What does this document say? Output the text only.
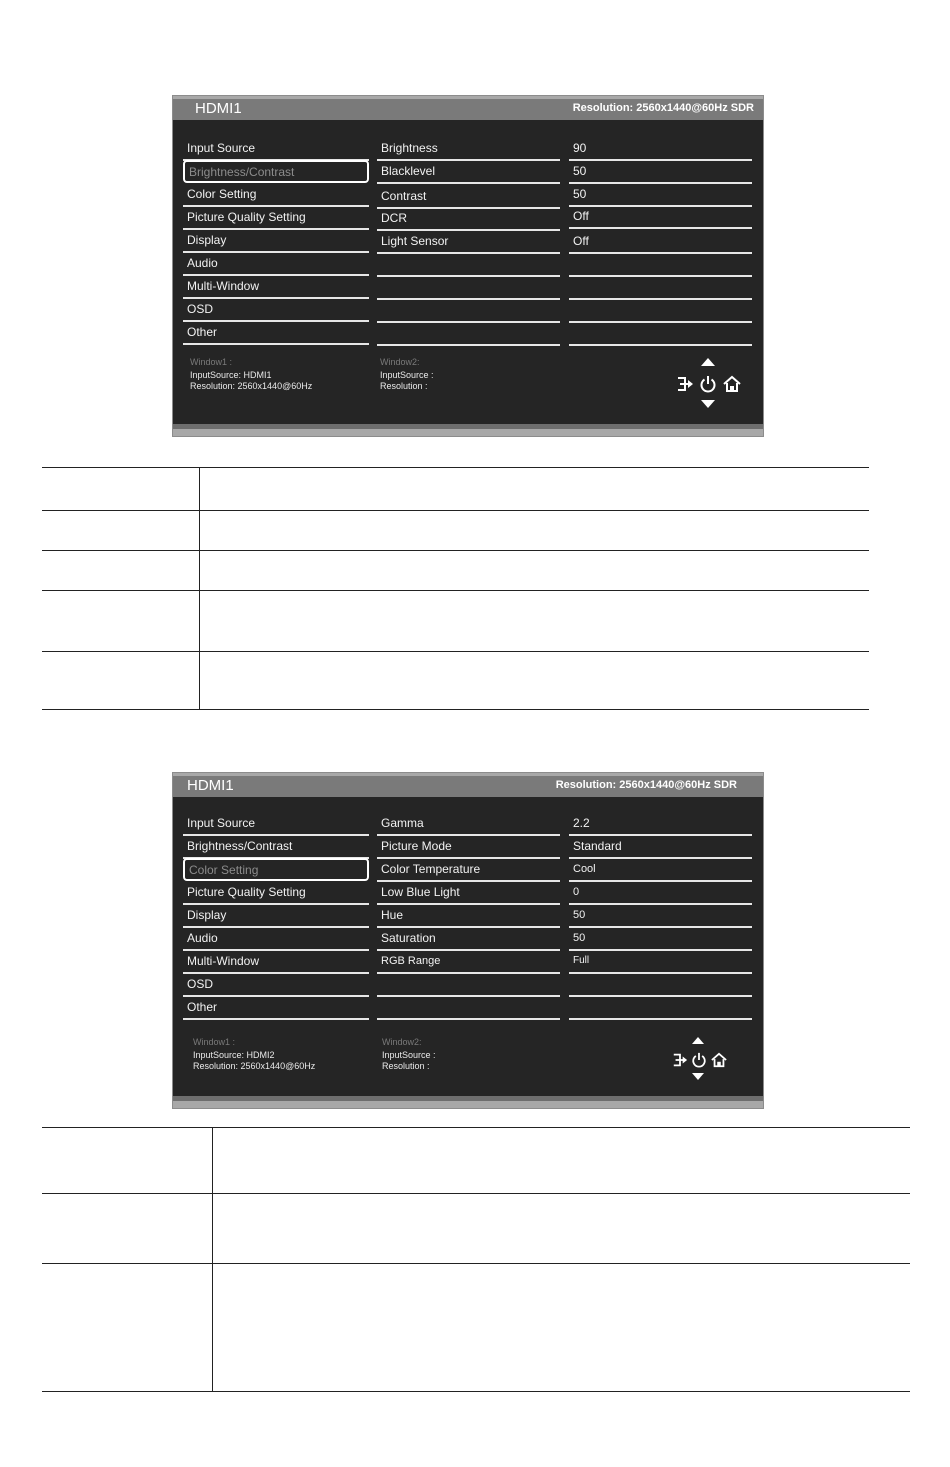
HDMI1	Resolution: 2560x1440@60Hz SDR
Input Source
Brightness/Contrast
Color Setting
Picture Quality Setting
Display
Audio
Multi-Window
OSD
Other
Brightness
Blacklevel
Contrast
DCR
Light Sensor
90
50
50
Off
Off
Window1 :
InputSource: HDMI1
Resolution: 2560x1440@60Hz
Window2:
InputSource :
Resolution :
HDMI1	Resolution: 2560x1440@60Hz SDR
Input Source
Brightness/Contrast
Color Setting
Picture Quality Setting
Display
Audio
Multi-Window
OSD
Other
Gamma
Picture Mode
Color Temperature
Low Blue Light
Hue
Saturation
RGB Range
2.2
Standard
Cool
0
50
50
Full
Window1 :
InputSource: HDMI2
Resolution: 2560x1440@60Hz
Window2:
InputSource :
Resolution :
